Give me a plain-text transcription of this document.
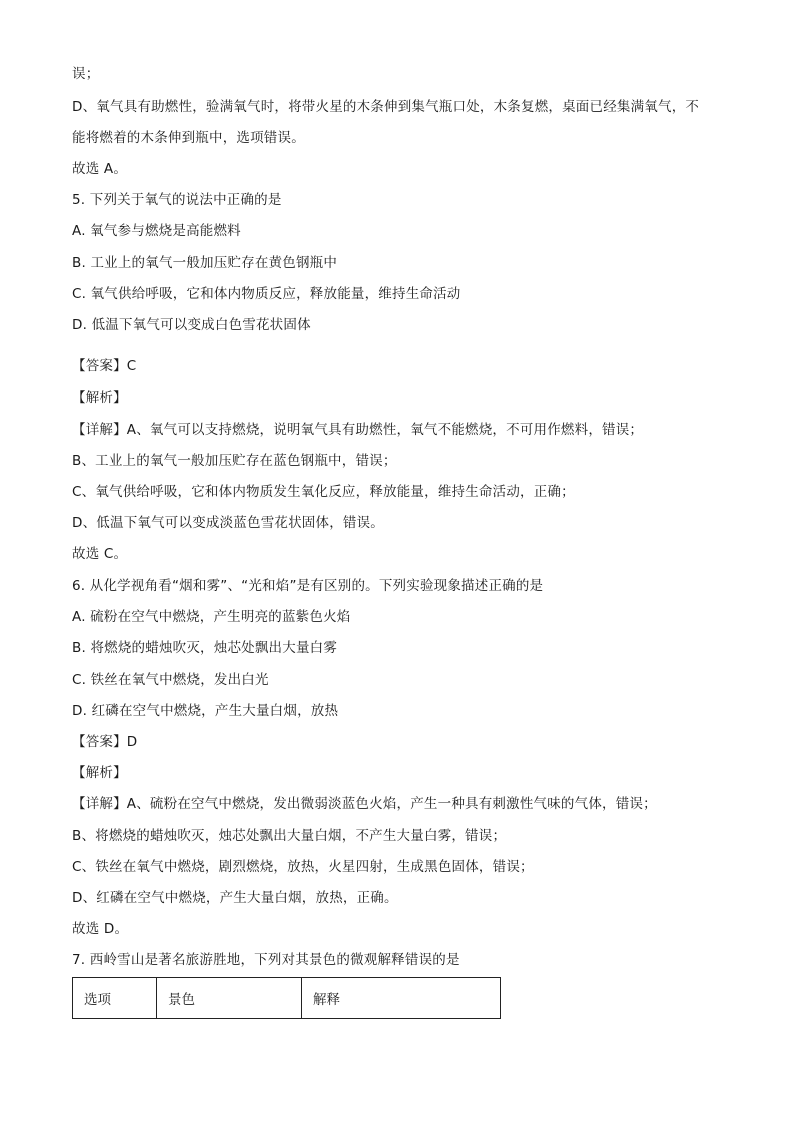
误；
D、氧气具有助燃性，验满氧气时，将带火星的木条伸到集气瓶口处，木条复燃，桌面已经集满氧气，不
能将燃着的木条伸到瓶中，选项错误。
故选 A。
5. 下列关于氧气的说法中正确的是
A. 氧气参与燃烧是高能燃料
B. 工业上的氧气一般加压贮存在黄色钢瓶中
C. 氧气供给呼吸，它和体内物质反应，释放能量，维持生命活动
D. 低温下氧气可以变成白色雪花状固体
【答案】C
【解析】
【详解】A、氧气可以支持燃烧，说明氧气具有助燃性，氧气不能燃烧，不可用作燃料，错误；
B、工业上的氧气一般加压贮存在蓝色钢瓶中，错误；
C、氧气供给呼吸，它和体内物质发生氧化反应，释放能量，维持生命活动，正确；
D、低温下氧气可以变成淡蓝色雪花状固体，错误。
故选 C。
6. 从化学视角看“烟和雾”、“光和焰”是有区别的。下列实验现象描述正确的是
A. 硫粉在空气中燃烧，产生明亮的蓝紫色火焰
B. 将燃烧的蜡烛吹灭，烛芯处飘出大量白雾
C. 铁丝在氧气中燃烧，发出白光
D. 红磷在空气中燃烧，产生大量白烟，放热
【答案】D
【解析】
【详解】A、硫粉在空气中燃烧，发出微弱淡蓝色火焰，产生一种具有刺激性气味的气体，错误；
B、将燃烧的蜡烛吹灭，烛芯处飘出大量白烟，不产生大量白雾，错误；
C、铁丝在氧气中燃烧，剧烈燃烧，放热，火星四射，生成黑色固体，错误；
D、红磷在空气中燃烧，产生大量白烟，放热，正确。
故选 D。
7. 西岭雪山是著名旅游胜地，下列对其景色的微观解释错误的是
选项	景色	解释
